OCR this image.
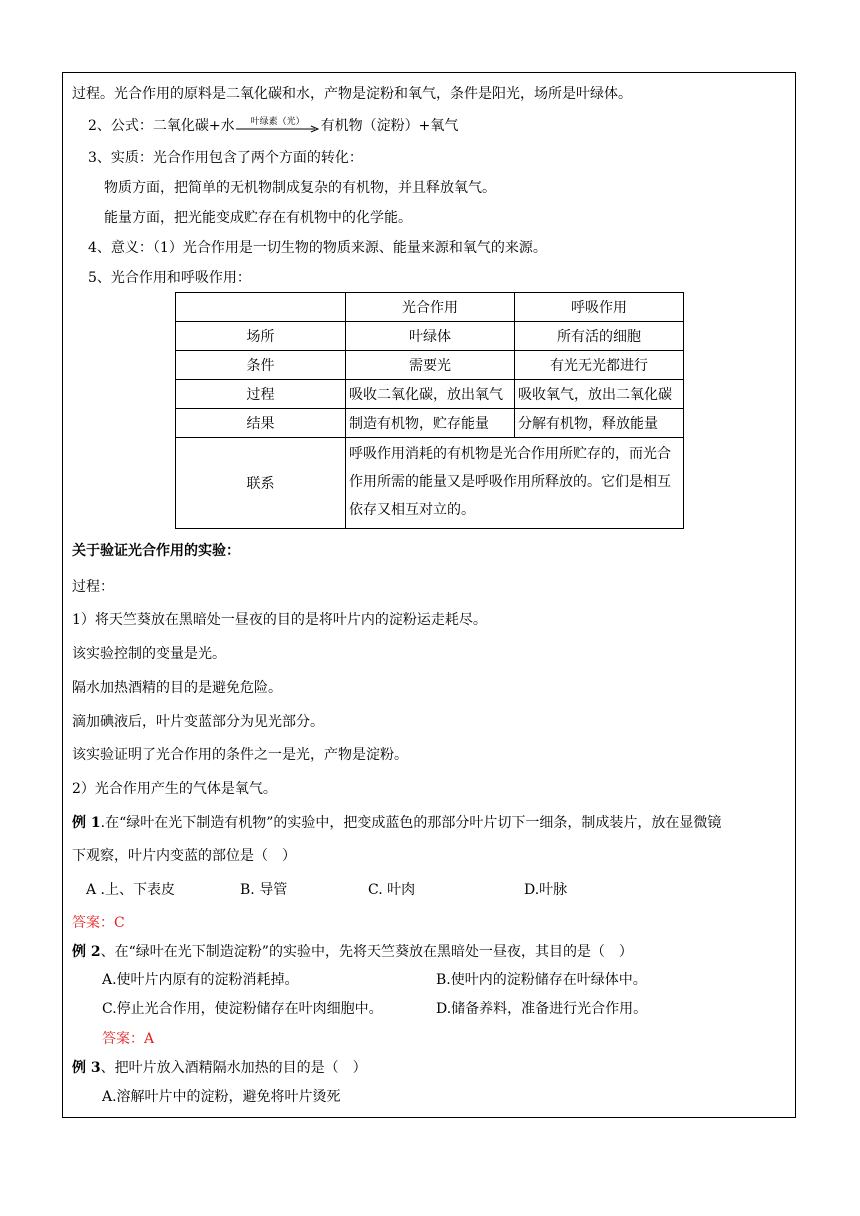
过程。光合作用的原料是二氧化碳和水，产物是淀粉和氧气，条件是阳光，场所是叶绿体。
2、公式：二氧化碳+水	叶绿素（光）	有机物（淀粉）+氧气
3、实质：光合作用包含了两个方面的转化：
物质方面，把简单的无机物制成复杂的有机物，并且释放氧气。
能量方面，把光能变成贮存在有机物中的化学能。
4、意义：（1）光合作用是一切生物的物质来源、能量来源和氧气的来源。
5、光合作用和呼吸作用：
	光合作用	呼吸作用
场所	叶绿体	所有活的细胞
条件	需要光	有光无光都进行
过程	吸收二氧化碳，放出氧气	吸收氧气，放出二氧化碳
结果	制造有机物，贮存能量	分解有机物，释放能量
联系	呼吸作用消耗的有机物是光合作用所贮存的，而光合作用所需的能量又是呼吸作用所释放的。它们是相互依存又相互对立的。	
关于验证光合作用的实验：
过程：
1）将天竺葵放在黑暗处一昼夜的目的是将叶片内的淀粉运走耗尽。
该实验控制的变量是光。
隔水加热酒精的目的是避免危险。
滴加碘液后，叶片变蓝部分为见光部分。
该实验证明了光合作用的条件之一是光，产物是淀粉。
2）光合作用产生的气体是氧气。
例 1.在“绿叶在光下制造有机物”的实验中，把变成蓝色的那部分叶片切下一细条，制成装片，放在显微镜
下观察，叶片内变蓝的部位是（　）
A .上、下表皮	B. 导管	C. 叶肉	D.叶脉
答案：C
例 2、在“绿叶在光下制造淀粉”的实验中，先将天竺葵放在黑暗处一昼夜，其目的是（　）
A.使叶片内原有的淀粉消耗掉。	B.使叶内的淀粉储存在叶绿体中。
C.停止光合作用，使淀粉储存在叶肉细胞中。	D.储备养料，准备进行光合作用。
答案：A
例 3、把叶片放入酒精隔水加热的目的是（　）
A.溶解叶片中的淀粉，避免将叶片烫死
